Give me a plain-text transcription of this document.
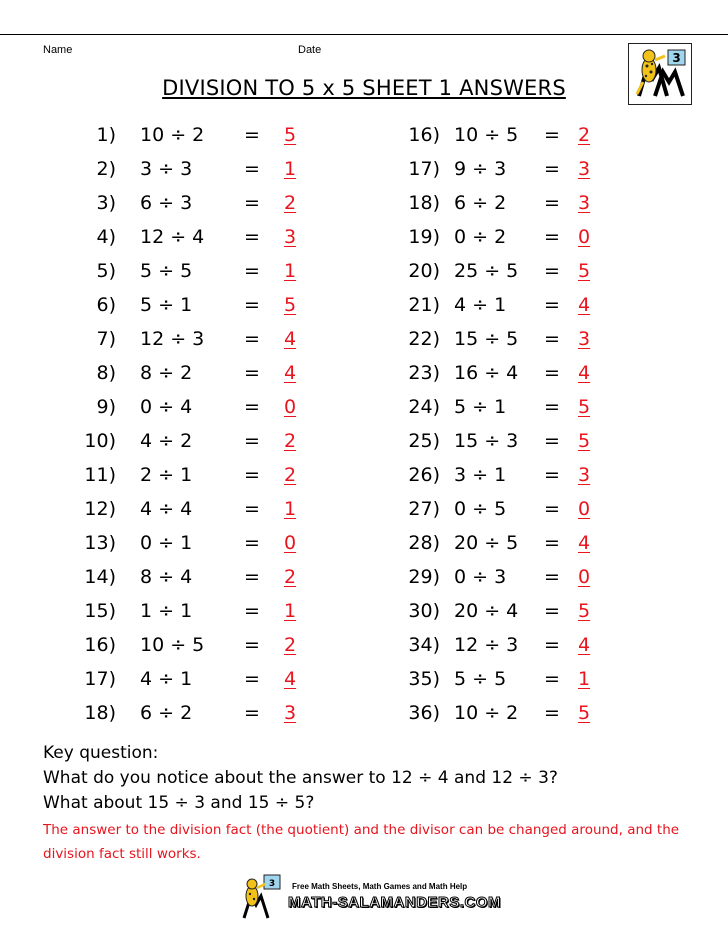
Name	Date
3
DIVISION TO 5 x 5 SHEET 1 ANSWERS
1) 10 ÷ 2 = 5
2) 3 ÷ 3	= 1
3) 6 ÷ 3	= 2
4) 12 ÷ 4 = 3
5) 5 ÷ 5	= 1
6) 5 ÷ 1	= 5
7) 12 ÷ 3 = 4
8) 8 ÷ 2	= 4
9) 0 ÷ 4	= 0
10) 4 ÷ 2	= 2
11) 2 ÷ 1	= 2
12) 4 ÷ 4	= 1
13) 0 ÷ 1	= 0
14) 8 ÷ 4	= 2
15) 1 ÷ 1	= 1
16) 10 ÷ 5 = 2
17) 4 ÷ 1	= 4
18) 6 ÷ 2	= 3
16) 10 ÷ 5 = 2
17) 9 ÷ 3 = 3
18) 6 ÷ 2 = 3
19) 0 ÷ 2 = 0
20) 25 ÷ 5 = 5
21) 4 ÷ 1 = 4
22) 15 ÷ 5 = 3
23) 16 ÷ 4 = 4
24) 5 ÷ 1 = 5
25) 15 ÷ 3 = 5
26) 3 ÷ 1 = 3
27) 0 ÷ 5 = 0
28) 20 ÷ 5 = 4
29) 0 ÷ 3 = 0
30) 20 ÷ 4 = 5
34) 12 ÷ 3 = 4
35) 5 ÷ 5 = 1
36) 10 ÷ 2 = 5
Key question:
What do you notice about the answer to 12 ÷ 4 and 12 ÷ 3?
What about 15 ÷ 3 and 15 ÷ 5?
The answer to the division fact (the quotient) and the divisor can be changed around, and the division fact still works.
3 Free Math Sheets, Math Games and Math Help
MATH-SALAMANDERS.COM
